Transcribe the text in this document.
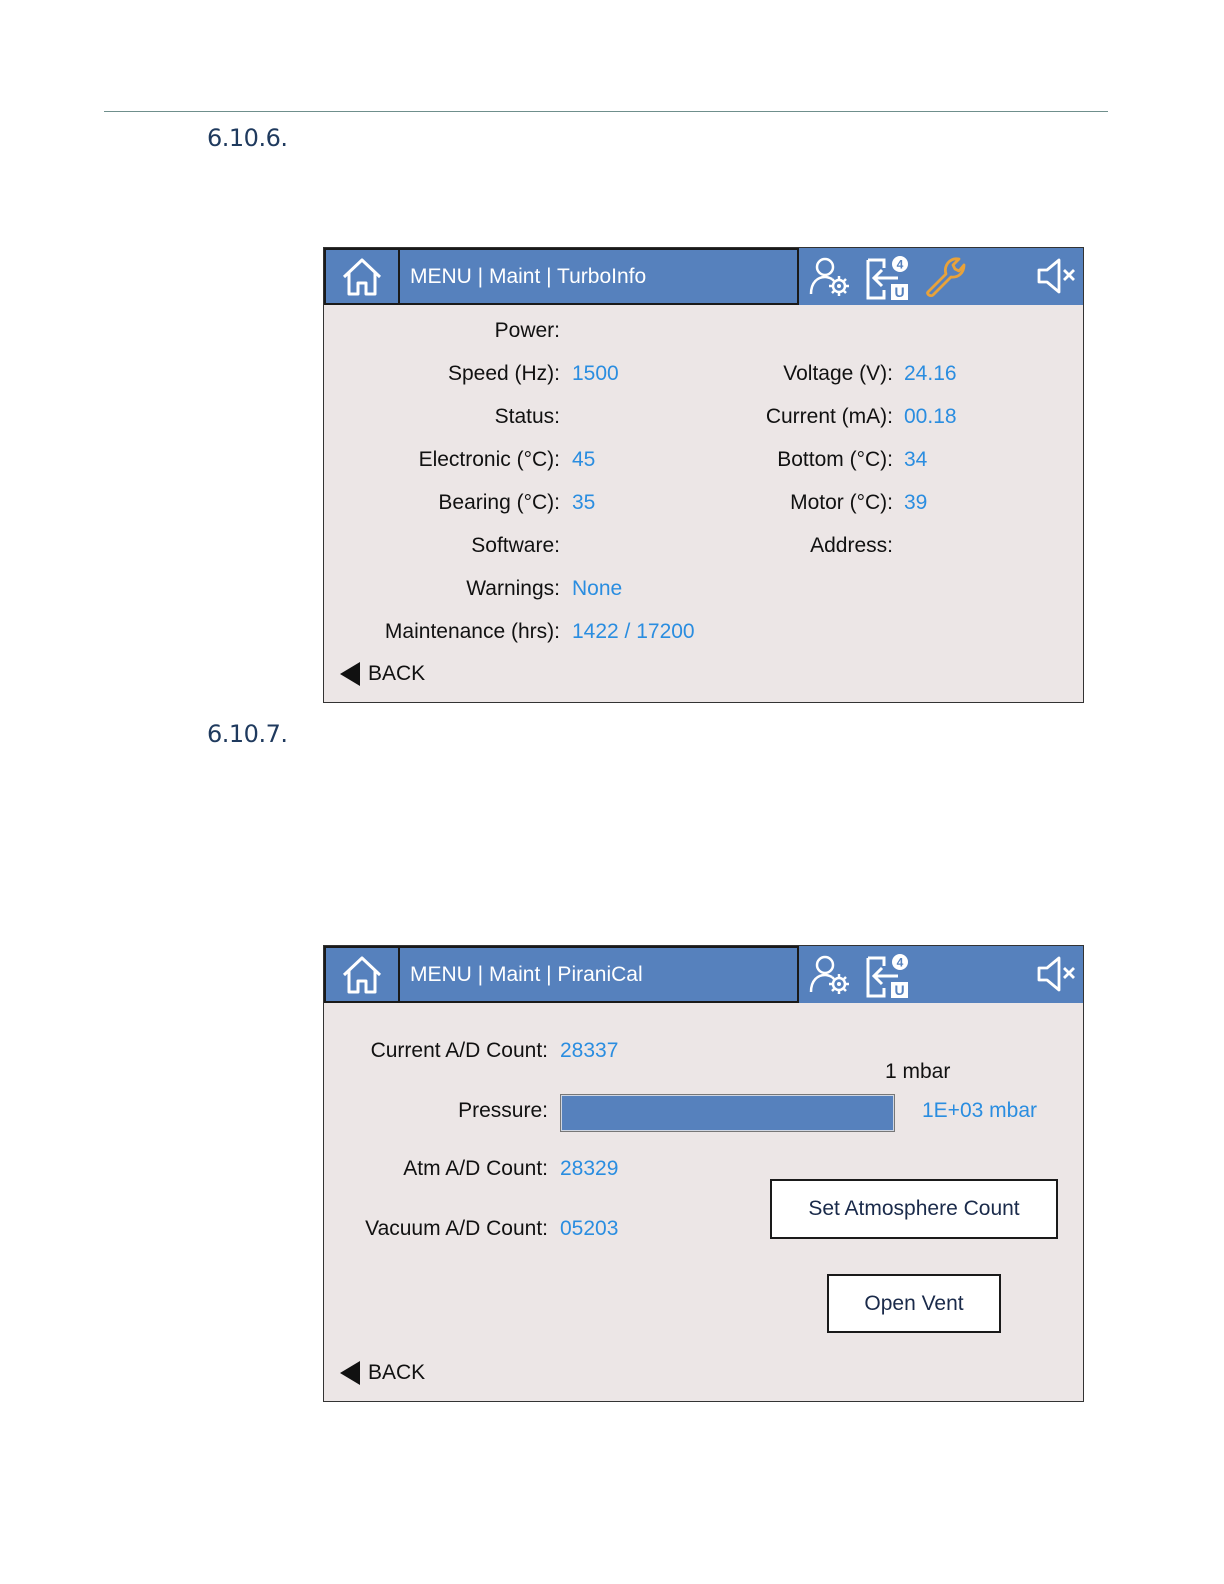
6.10.6.
MENU | Maint | TurboInfo
4
U
Power:
Speed (Hz): 1500
Status:
Electronic (°C): 45
Bearing (°C): 35
Software:
Warnings: None
Maintenance (hrs): 1422 / 17200
Voltage (V): 24.16
Current (mA): 00.18
Bottom (°C): 34
Motor (°C): 39
Address:
BACK
6.10.7.
MENU | Maint | PiraniCal
4
U
Current A/D Count: 28337
1 mbar
Pressure:	1E+03 mbar
Atm A/D Count: 28329
Vacuum A/D Count: 05203
Set Atmosphere Count
Open Vent
BACK
